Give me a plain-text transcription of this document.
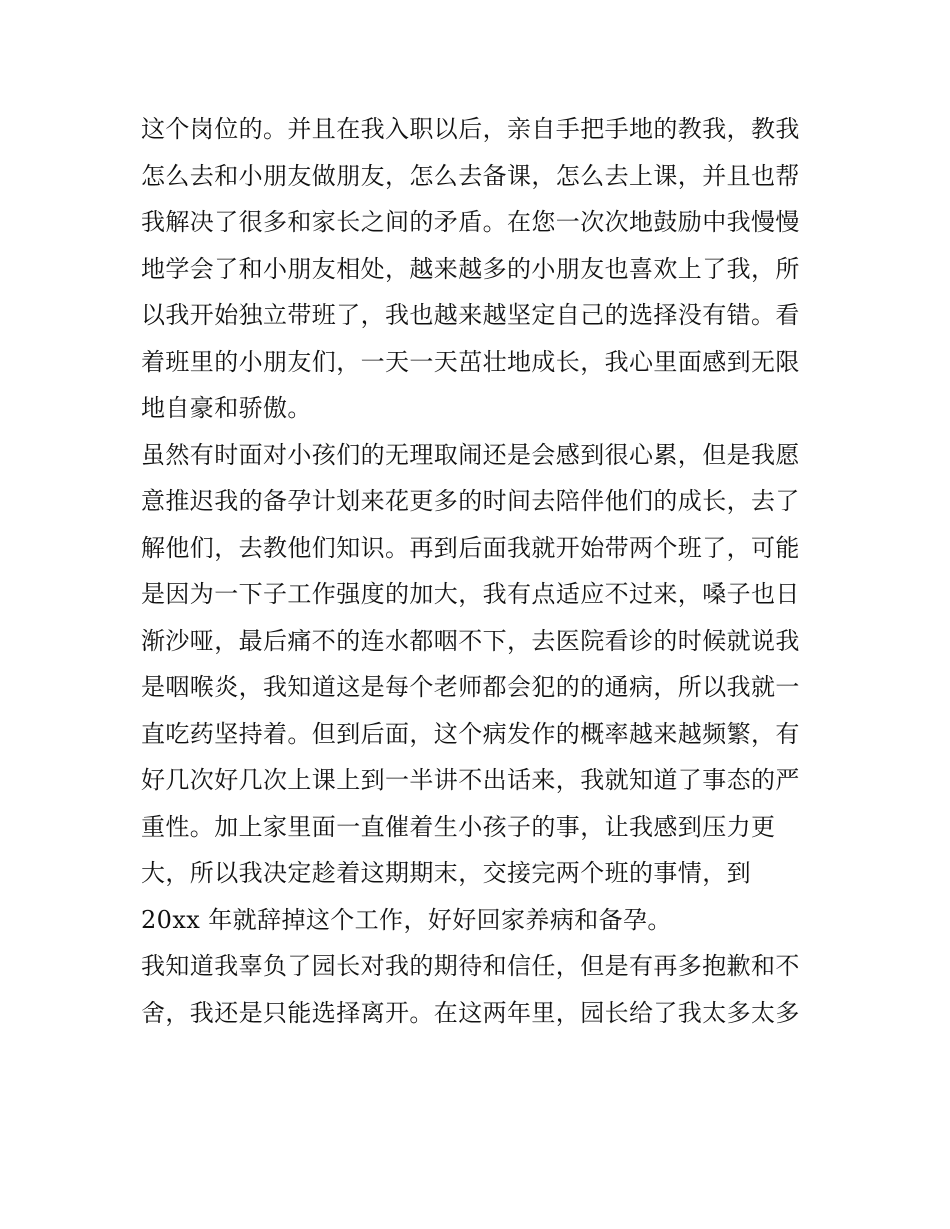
这个岗位的。并且在我入职以后，亲自手把手地的教我，教我
怎么去和小朋友做朋友，怎么去备课，怎么去上课，并且也帮
我解决了很多和家长之间的矛盾。在您一次次地鼓励中我慢慢
地学会了和小朋友相处，越来越多的小朋友也喜欢上了我，所
以我开始独立带班了，我也越来越坚定自己的选择没有错。看
着班里的小朋友们，一天一天茁壮地成长，我心里面感到无限
地自豪和骄傲。
虽然有时面对小孩们的无理取闹还是会感到很心累，但是我愿
意推迟我的备孕计划来花更多的时间去陪伴他们的成长，去了
解他们，去教他们知识。再到后面我就开始带两个班了，可能
是因为一下子工作强度的加大，我有点适应不过来，嗓子也日
渐沙哑，最后痛不的连水都咽不下，去医院看诊的时候就说我
是咽喉炎，我知道这是每个老师都会犯的的通病，所以我就一
直吃药坚持着。但到后面，这个病发作的概率越来越频繁，有
好几次好几次上课上到一半讲不出话来，我就知道了事态的严
重性。加上家里面一直催着生小孩子的事，让我感到压力更
大，所以我决定趁着这期期末，交接完两个班的事情，到
20xx 年就辞掉这个工作，好好回家养病和备孕。
我知道我辜负了园长对我的期待和信任，但是有再多抱歉和不
舍，我还是只能选择离开。在这两年里，园长给了我太多太多
